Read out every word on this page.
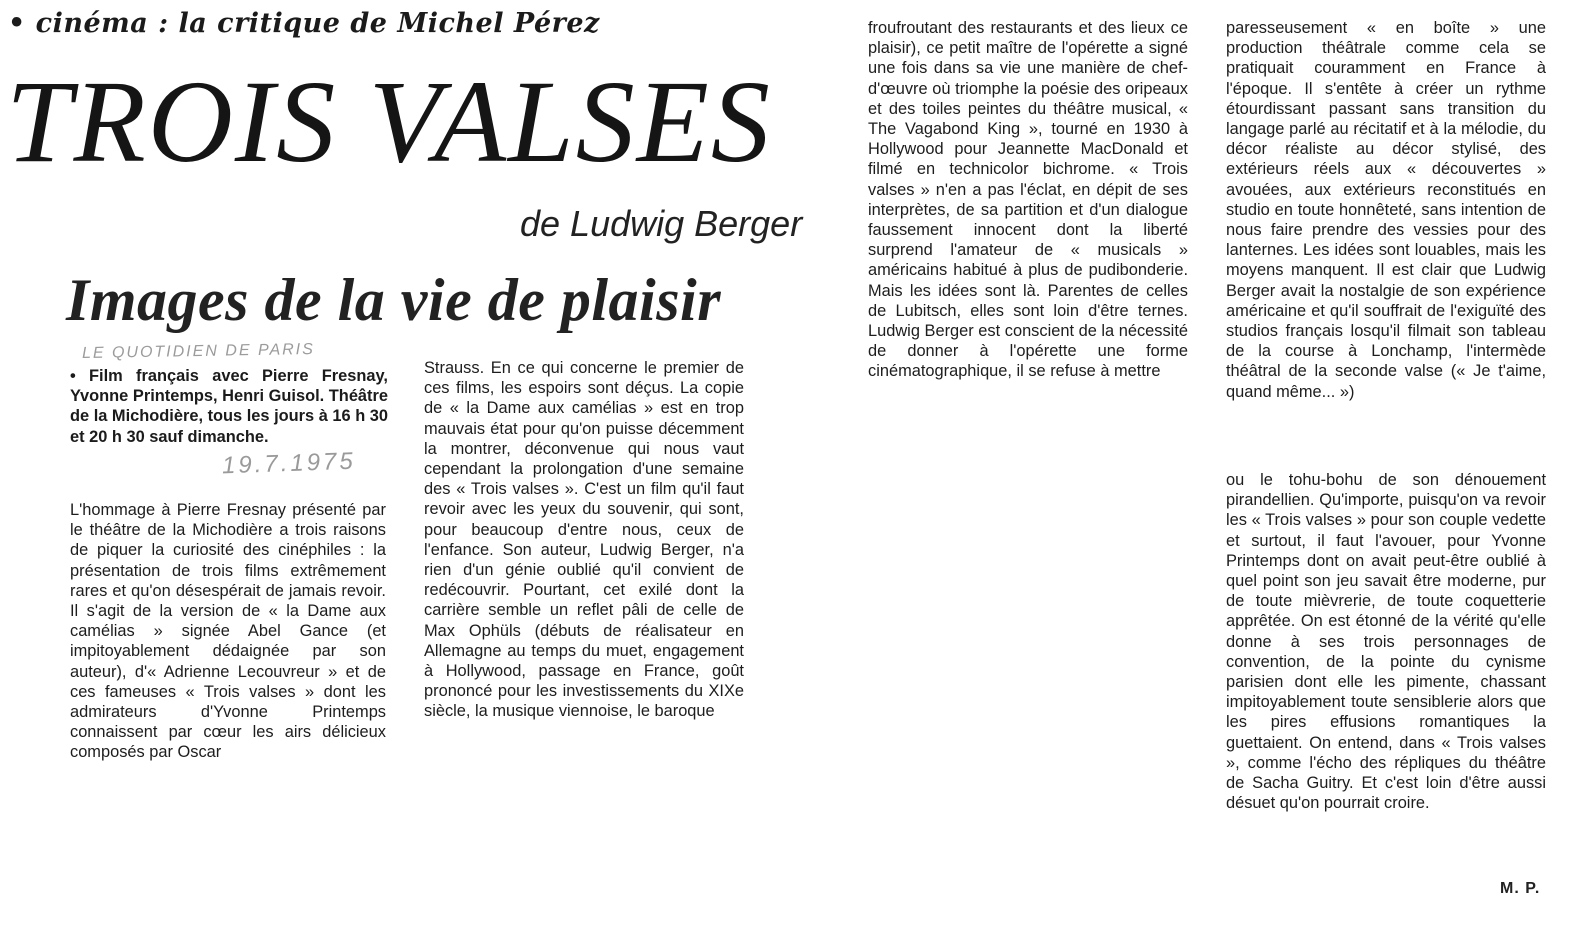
• cinéma : la critique de Michel Pérez
TROIS VALSES
de Ludwig Berger
Images de la vie de plaisir
LE QUOTIDIEN DE PARIS
19.7.1975
• Film français avec Pierre Fresnay, Yvonne Printemps, Henri Guisol. Théâtre de la Michodière, tous les jours à 16 h 30 et 20 h 30 sauf dimanche.

L'hommage à Pierre Fresnay présenté par le théâtre de la Michodière a trois raisons de piquer la curiosité des cinéphiles : la présentation de trois films extrêmement rares et qu'on désespérait de jamais revoir. Il s'agit de la version de « la Dame aux camélias » signée Abel Gance (et impitoyablement dédaignée par son auteur), d'« Adrienne Lecouvreur » et de ces fameuses « Trois valses » dont les admirateurs d'Yvonne Printemps connaissent par cœur les airs délicieux composés par Oscar

Strauss. En ce qui concerne le premier de ces films, les espoirs sont déçus. La copie de « la Dame aux camélias » est en trop mauvais état pour qu'on puisse décemment la montrer, déconvenue qui nous vaut cependant la prolongation d'une semaine des « Trois valses ». C'est un film qu'il faut revoir avec les yeux du souvenir, qui sont, pour beaucoup d'entre nous, ceux de l'enfance. Son auteur, Ludwig Berger, n'a rien d'un génie oublié qu'il convient de redécouvrir. Pourtant, cet exilé dont la carrière semble un reflet pâli de celle de Max Ophüls (débuts de réalisateur en Allemagne au temps du muet, engagement à Hollywood, passage en France, goût prononcé pour les investissements du XIXe siècle, la musique viennoise, le baroque

froufroutant des restaurants et des lieux ce plaisir), ce petit maître de l'opérette a signé une fois dans sa vie une manière de chef-d'œuvre où triomphe la poésie des oripeaux et des toiles peintes du théâtre musical, « The Vagabond King », tourné en 1930 à Hollywood pour Jeannette MacDonald et filmé en technicolor bichrome. « Trois valses » n'en a pas l'éclat, en dépit de ses interprètes, de sa partition et d'un dialogue faussement innocent dont la liberté surprend l'amateur de « musicals » américains habitué à plus de pudibonderie. Mais les idées sont là. Parentes de celles de Lubitsch, elles sont loin d'être ternes. Ludwig Berger est conscient de la nécessité de donner à l'opérette une forme cinématographique, il se refuse à mettre

paresseusement « en boîte » une production théâtrale comme cela se pratiquait couramment en France à l'époque. Il s'entête à créer un rythme étourdissant passant sans transition du langage parlé au récitatif et à la mélodie, du décor réaliste au décor stylisé, des extérieurs réels aux « découvertes » avouées, aux extérieurs reconstitués en studio en toute honnêteté, sans intention de nous faire prendre des vessies pour des lanternes. Les idées sont louables, mais les moyens manquent. Il est clair que Ludwig Berger avait la nostalgie de son expérience américaine et qu'il souffrait de l'exiguïté des studios français losqu'il filmait son tableau de la course à Lonchamp, l'intermède théâtral de la seconde valse (« Je t'aime, quand même... »)

ou le tohu-bohu de son dénouement pirandellien. Qu'importe, puisqu'on va revoir les « Trois valses » pour son couple vedette et surtout, il faut l'avouer, pour Yvonne Printemps dont on avait peut-être oublié à quel point son jeu savait être moderne, pur de toute mièvrerie, de toute coquetterie apprêtée. On est étonné de la vérité qu'elle donne à ses trois personnages de convention, de la pointe du cynisme parisien dont elle les pimente, chassant impitoyablement toute sensiblerie alors que les pires effusions romantiques la guettaient. On entend, dans « Trois valses », comme l'écho des répliques du théâtre de Sacha Guitry. Et c'est loin d'être aussi désuet qu'on pourrait croire.

M. P.
